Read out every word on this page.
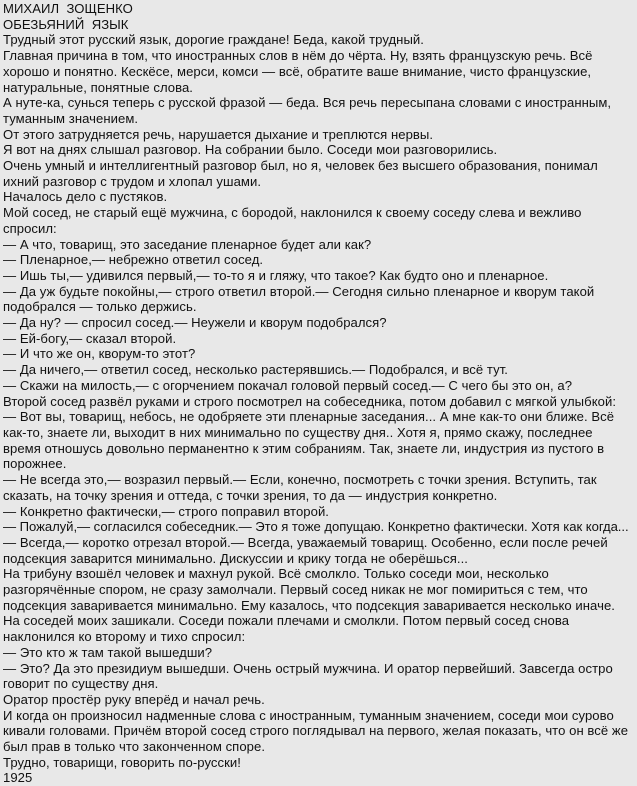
МИХАИЛ  ЗОЩЕНКО
ОБЕЗЬЯНИЙ  ЯЗЫК
Трудный этот русский язык, дорогие граждане! Беда, какой трудный.
Главная причина в том, что иностранных слов в нём до чёрта. Ну, взять французскую речь. Всё
хорошо и понятно. Кескёсе, мерси, комси — всё, обратите ваше внимание, чисто французские,
натуральные, понятные слова.
А нуте-ка, сунься теперь с русской фразой — беда. Вся речь пересыпана словами с иностранным,
туманным значением.
От этого затрудняется речь, нарушается дыхание и треплются нервы.
Я вот на днях слышал разговор. На собрании было. Соседи мои разговорились.
Очень умный и интеллигентный разговор был, но я, человек без высшего образования, понимал
ихний разговор с трудом и хлопал ушами.
Началось дело с пустяков.
Мой сосед, не старый ещё мужчина, с бородой, наклонился к своему соседу слева и вежливо
спросил:
— А что, товарищ, это заседание пленарное будет али как?
— Пленарное,— небрежно ответил сосед.
— Ишь ты,— удивился первый,— то-то я и гляжу, что такое? Как будто оно и пленарное.
— Да уж будьте покойны,— строго ответил второй.— Сегодня сильно пленарное и кворум такой
подобрался — только держись.
— Да ну? — спросил сосед.— Неужели и кворум подобрался?
— Ей-богу,— сказал второй.
— И что же он, кворум-то этот?
— Да ничего,— ответил сосед, несколько растерявшись.— Подобрался, и всё тут.
— Скажи на милость,— с огорчением покачал головой первый сосед.— С чего бы это он, а?
Второй сосед развёл руками и строго посмотрел на собеседника, потом добавил с мягкой улыбкой:
— Вот вы, товарищ, небось, не одобряете эти пленарные заседания... А мне как-то они ближе. Всё
как-то, знаете ли, выходит в них минимально по существу дня.. Хотя я, прямо скажу, последнее
время отношусь довольно перманентно к этим собраниям. Так, знаете ли, индустрия из пустого в
порожнее.
— Не всегда это,— возразил первый.— Если, конечно, посмотреть с точки зрения. Вступить, так
сказать, на точку зрения и оттеда, с точки зрения, то да — индустрия конкретно.
— Конкретно фактически,— строго поправил второй.
— Пожалуй,— согласился собеседник.— Это я тоже допущаю. Конкретно фактически. Хотя как когда...
— Всегда,— коротко отрезал второй.— Всегда, уважаемый товарищ. Особенно, если после речей
подсекция заварится минимально. Дискуссии и крику тогда не оберёшься...
На трибуну взошёл человек и махнул рукой. Всё смолкло. Только соседи мои, несколько
разгорячённые спором, не сразу замолчали. Первый сосед никак не мог помириться с тем, что
подсекция заваривается минимально. Ему казалось, что подсекция заваривается несколько иначе.
На соседей моих зашикали. Соседи пожали плечами и смолкли. Потом первый сосед снова
наклонился ко второму и тихо спросил:
— Это кто ж там такой вышедши?
— Это? Да это президиум вышедши. Очень острый мужчина. И оратор первейший. Завсегда остро
говорит по существу дня.
Оратор простёр руку вперёд и начал речь.
И когда он произносил надменные слова с иностранным, туманным значением, соседи мои сурово
кивали головами. Причём второй сосед строго поглядывал на первого, желая показать, что он всё же
был прав в только что законченном споре.
Трудно, товарищи, говорить по-русски!
1925
